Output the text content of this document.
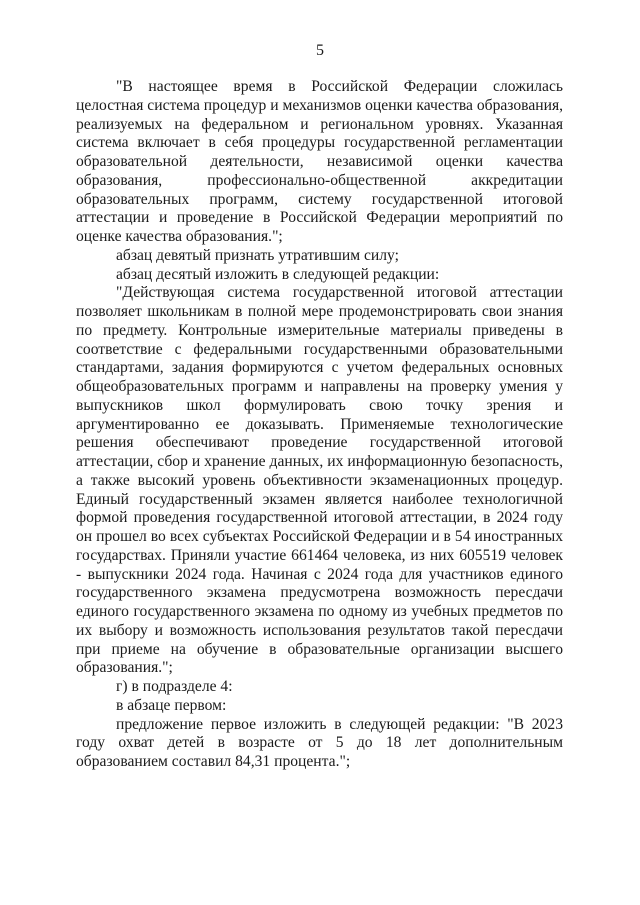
5

"В настоящее время в Российской Федерации сложилась целостная система процедур и механизмов оценки качества образования, реализуемых на федеральном и региональном уровнях. Указанная система включает в себя процедуры государственной регламентации образовательной деятельности, независимой оценки качества образования, профессионально-общественной аккредитации образовательных программ, систему государственной итоговой аттестации и проведение в Российской Федерации мероприятий по оценке качества образования.";

абзац девятый признать утратившим силу;

абзац десятый изложить в следующей редакции:

"Действующая система государственной итоговой аттестации позволяет школьникам в полной мере продемонстрировать свои знания по предмету. Контрольные измерительные материалы приведены в соответствие с федеральными государственными образовательными стандартами, задания формируются с учетом федеральных основных общеобразовательных программ и направлены на проверку умения у выпускников школ формулировать свою точку зрения и аргументированно ее доказывать. Применяемые технологические решения обеспечивают проведение государственной итоговой аттестации, сбор и хранение данных, их информационную безопасность, а также высокий уровень объективности экзаменационных процедур. Единый государственный экзамен является наиболее технологичной формой проведения государственной итоговой аттестации, в 2024 году он прошел во всех субъектах Российской Федерации и в 54 иностранных государствах. Приняли участие 661464 человека, из них 605519 человек - выпускники 2024 года. Начиная с 2024 года для участников единого государственного экзамена предусмотрена возможность пересдачи единого государственного экзамена по одному из учебных предметов по их выбору и возможность использования результатов такой пересдачи при приеме на обучение в образовательные организации высшего образования.";

г) в подразделе 4:

в абзаце первом:

предложение первое изложить в следующей редакции: "В 2023 году охват детей в возрасте от 5 до 18 лет дополнительным образованием составил 84,31 процента.";
